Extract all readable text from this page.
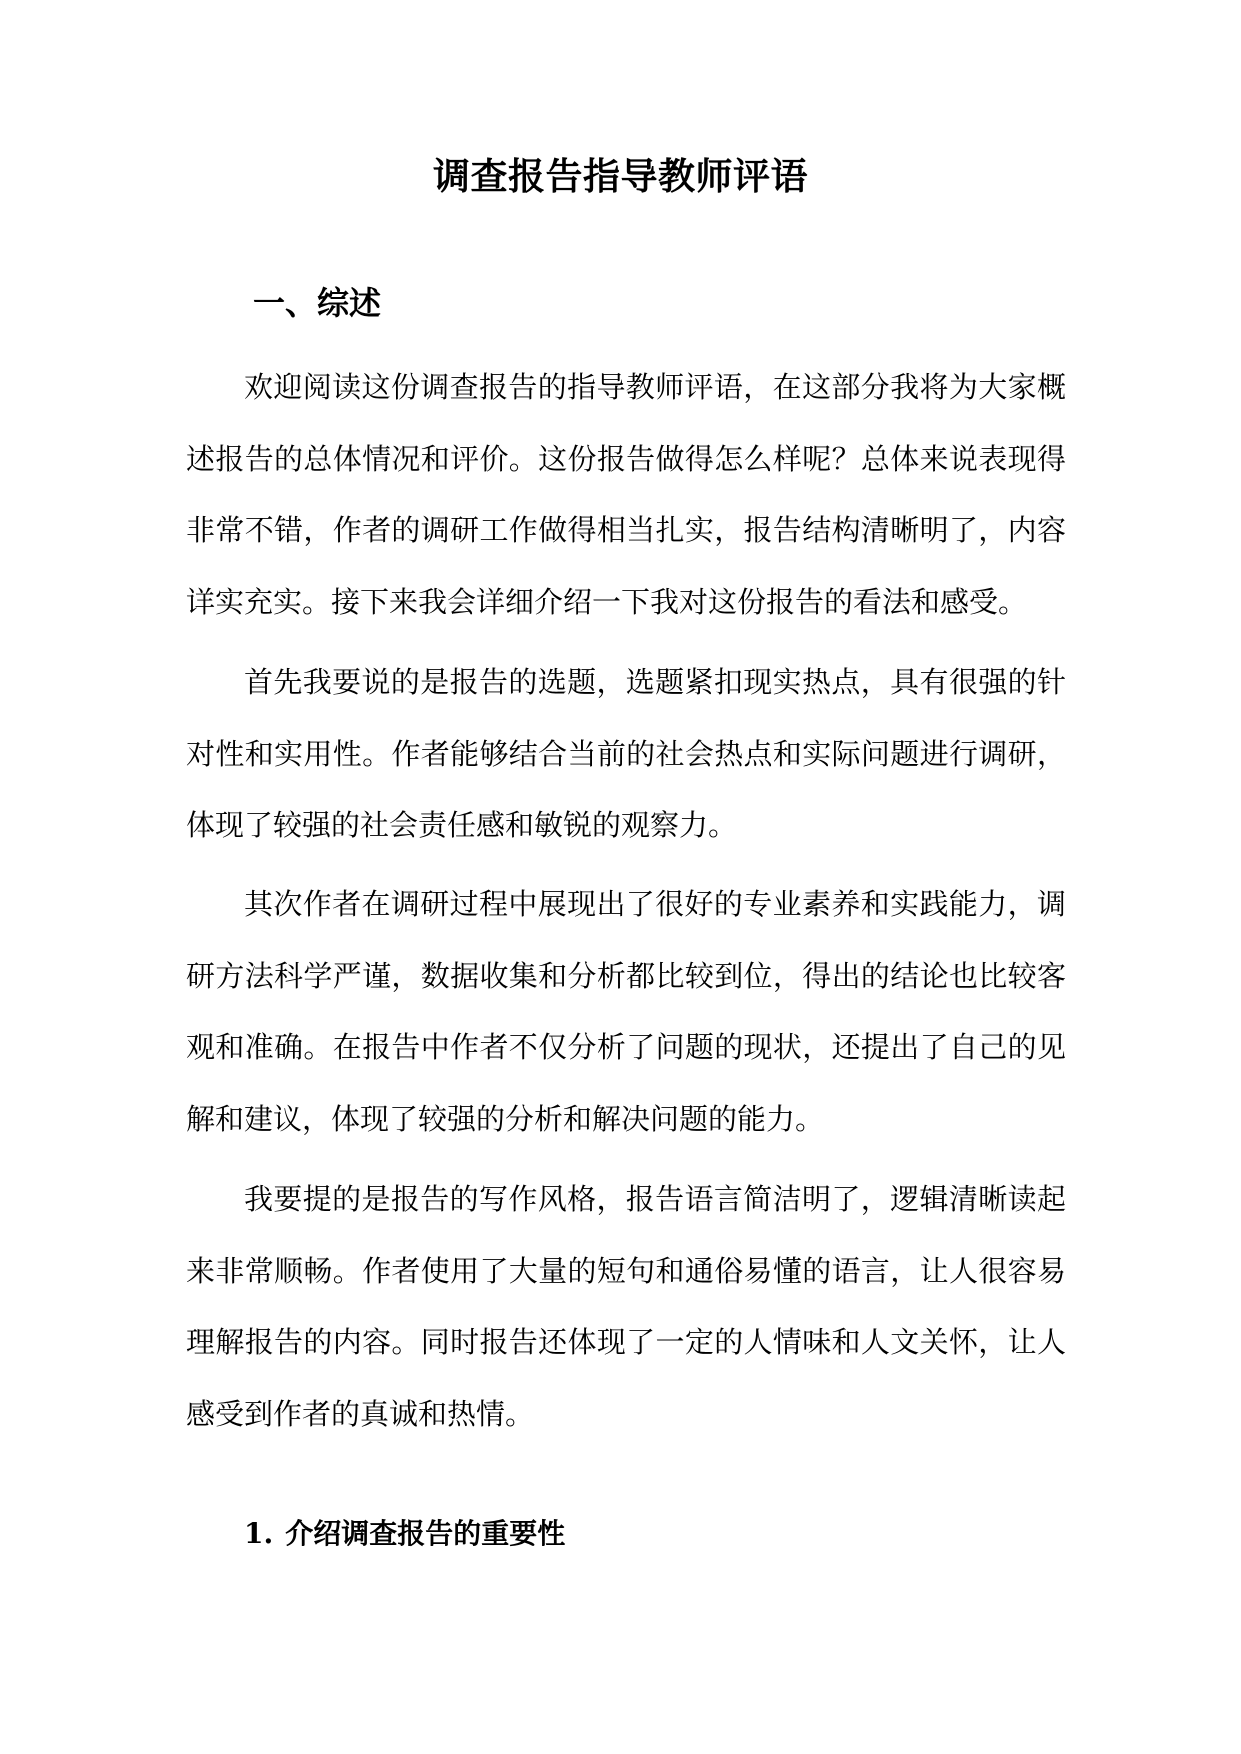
调查报告指导教师评语
一、综述

欢迎阅读这份调查报告的指导教师评语，在这部分我将为大家概述报告的总体情况和评价。这份报告做得怎么样呢？总体来说表现得非常不错，作者的调研工作做得相当扎实，报告结构清晰明了，内容详实充实。接下来我会详细介绍一下我对这份报告的看法和感受。

首先我要说的是报告的选题，选题紧扣现实热点，具有很强的针对性和实用性。作者能够结合当前的社会热点和实际问题进行调研，体现了较强的社会责任感和敏锐的观察力。

其次作者在调研过程中展现出了很好的专业素养和实践能力，调研方法科学严谨，数据收集和分析都比较到位，得出的结论也比较客观和准确。在报告中作者不仅分析了问题的现状，还提出了自己的见解和建议，体现了较强的分析和解决问题的能力。

我要提的是报告的写作风格，报告语言简洁明了，逻辑清晰读起来非常顺畅。作者使用了大量的短句和通俗易懂的语言，让人很容易理解报告的内容。同时报告还体现了一定的人情味和人文关怀，让人感受到作者的真诚和热情。

1. 介绍调查报告的重要性
